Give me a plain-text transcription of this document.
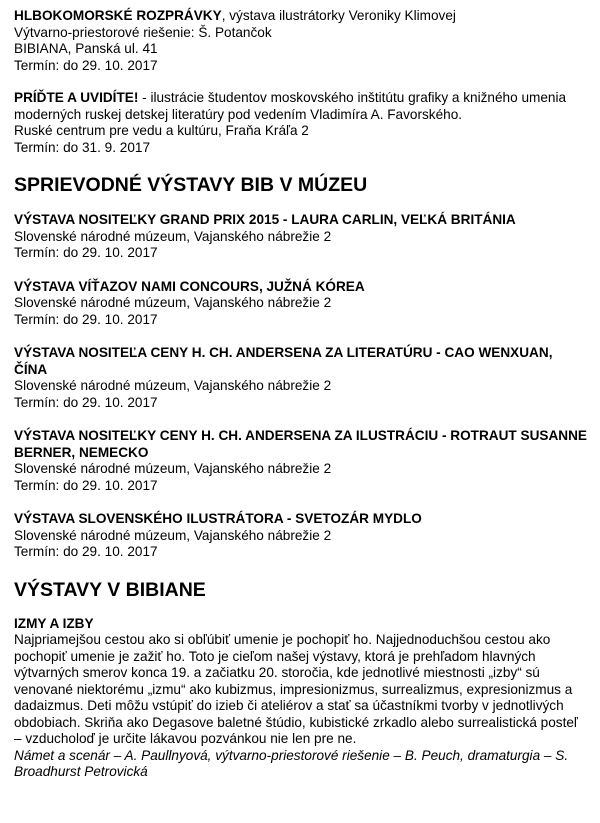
HLBOKOMORSKÉ ROZPRÁVKY, výstava ilustrátorky Veroniky Klimovej
Výtvarno-priestorové riešenie: Š. Potančok
BIBIANA, Panská ul. 41
Termín: do 29. 10. 2017
PRÍĎTE A UVIDÍTE! - ilustrácie študentov moskovského inštitútu grafiky a knižného umenia moderných ruskej detskej literatúry pod vedením Vladimíra A. Favorského.
Ruské centrum pre vedu a kultúru, Fraňa Kráľa 2
Termín: do 31. 9. 2017
SPRIEVODNÉ VÝSTAVY BIB V MÚZEU
VÝSTAVA NOSITEĽKY GRAND PRIX 2015 - LAURA CARLIN, VEĽKÁ BRITÁNIA
Slovenské národné múzeum, Vajanského nábrežie 2
Termín: do 29. 10. 2017
VÝSTAVA VÍŤAZOV NAMI CONCOURS, JUŽNÁ KÓREA
Slovenské národné múzeum, Vajanského nábrežie 2
Termín: do 29. 10. 2017
VÝSTAVA NOSITEĽA CENY H. CH. ANDERSENA ZA LITERATÚRU - CAO WENXUAN, ČÍNA
Slovenské národné múzeum, Vajanského nábrežie 2
Termín: do 29. 10. 2017
VÝSTAVA NOSITEĽKY CENY H. CH. ANDERSENA ZA ILUSTRÁCIU - ROTRAUT SUSANNE BERNER, NEMECKO
Slovenské národné múzeum, Vajanského nábrežie 2
Termín: do 29. 10. 2017
VÝSTAVA SLOVENSKÉHO ILUSTRÁTORA - SVETOZÁR MYDLO
Slovenské národné múzeum, Vajanského nábrežie 2
Termín: do 29. 10. 2017
VÝSTAVY V BIBIANE
IZMY A IZBY
Najpriamejšou cestou ako si obľúbiť umenie je pochopiť ho. Najjednoduchšou cestou ako pochopiť umenie je zažiť ho. Toto je cieľom našej výstavy, ktorá je prehľadom hlavných výtvarných smerov konca 19. a začiatku 20. storočia, kde jednotlivé miestnosti „izby“ sú venované niektorému „izmu“ ako kubizmus, impresionizmus, surrealizmus, expresionizmus a dadaizmus. Deti môžu vstúpiť do izieb či ateliérov a stať sa účastníkmi tvorby v jednotlivých obdobiach. Skriňa ako Degasove baletné štúdio, kubistické zrkadlo alebo surrealistická posteľ – vzducholoď je určite lákavou pozvánkou nie len pre ne.
Námet a scenár – A. Paullnyová, výtvarno-priestorové riešenie – B. Peuch, dramaturgia – S. Broadhurst Petrovická
